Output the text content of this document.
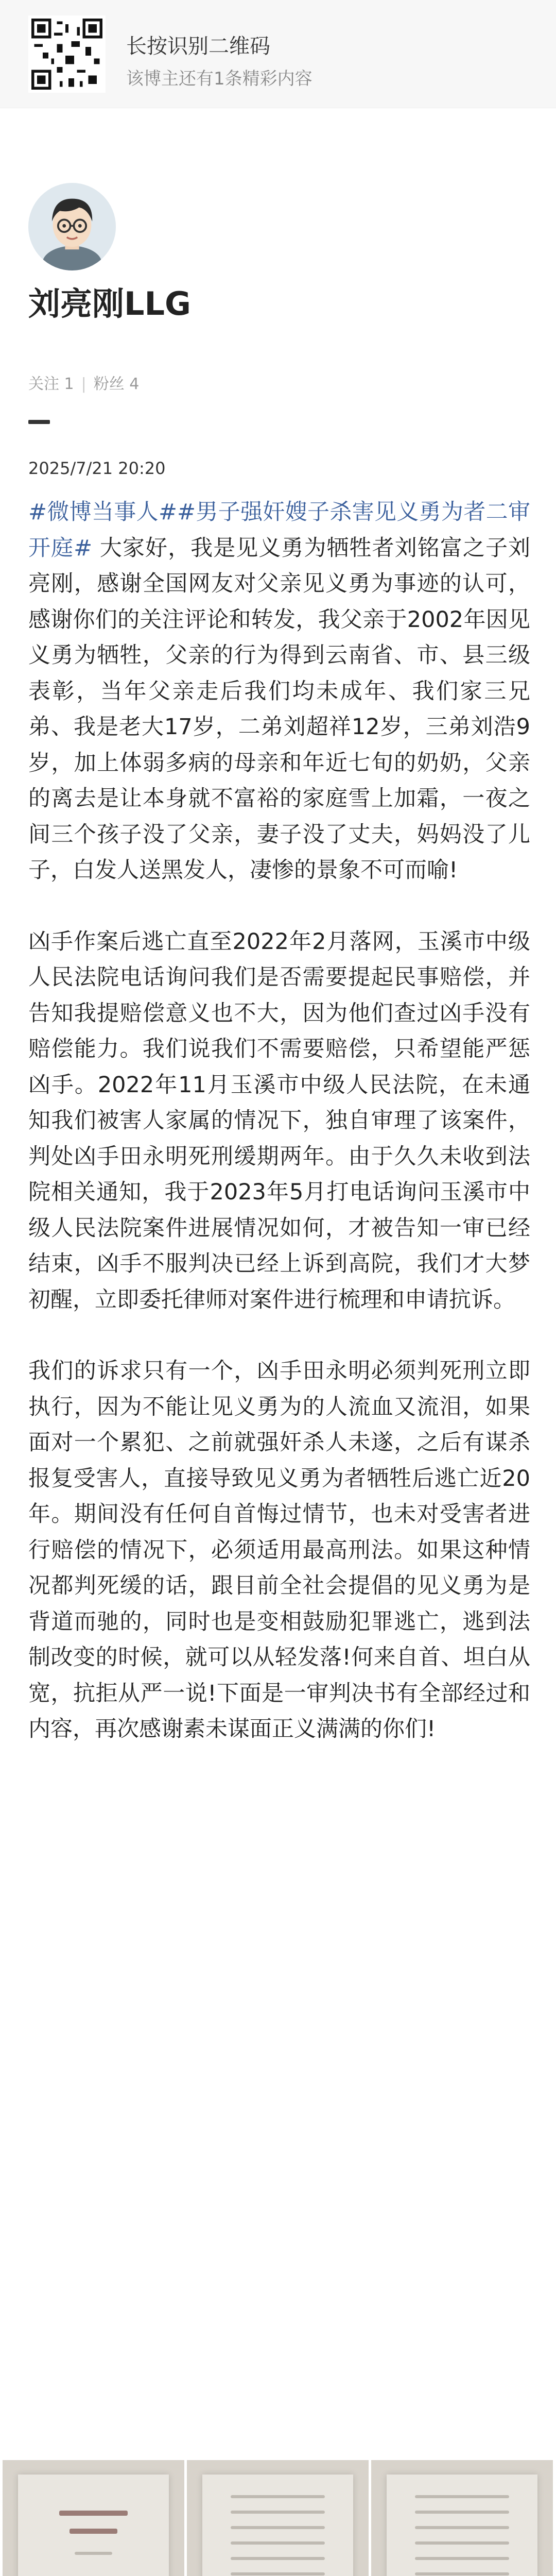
长按识别二维码
该博主还有1条精彩内容
刘亮刚LLG
关注 1 | 粉丝 4
2025/7/21 20:20

#微博当事人##男子强奸嫂子杀害见义勇为者二审开庭# 大家好，我是见义勇为牺牲者刘铭富之子刘亮刚，感谢全国网友对父亲见义勇为事迹的认可，感谢你们的关注评论和转发，我父亲于2002年因见义勇为牺牲，父亲的行为得到云南省、市、县三级表彰，当年父亲走后我们均未成年、我们家三兄弟、我是老大17岁，二弟刘超祥12岁，三弟刘浩9岁，加上体弱多病的母亲和年近七旬的奶奶，父亲的离去是让本身就不富裕的家庭雪上加霜，一夜之间三个孩子没了父亲，妻子没了丈夫，妈妈没了儿子，白发人送黑发人，凄惨的景象不可而喻!

凶手作案后逃亡直至2022年2月落网，玉溪市中级人民法院电话询问我们是否需要提起民事赔偿，并告知我提赔偿意义也不大，因为他们查过凶手没有赔偿能力。我们说我们不需要赔偿，只希望能严惩凶手。2022年11月玉溪市中级人民法院，在未通知我们被害人家属的情况下，独自审理了该案件，判处凶手田永明死刑缓期两年。由于久久未收到法院相关通知，我于2023年5月打电话询问玉溪市中级人民法院案件进展情况如何，才被告知一审已经结束，凶手不服判决已经上诉到高院，我们才大梦初醒，立即委托律师对案件进行梳理和申请抗诉。

我们的诉求只有一个，凶手田永明必须判死刑立即执行，因为不能让见义勇为的人流血又流泪，如果面对一个累犯、之前就强奸杀人未遂，之后有谋杀报复受害人，直接导致见义勇为者牺牲后逃亡近20年。期间没有任何自首悔过情节，也未对受害者进行赔偿的情况下，必须适用最高刑法。如果这种情况都判死缓的话，跟目前全社会提倡的见义勇为是背道而驰的，同时也是变相鼓励犯罪逃亡，逃到法制改变的时候，就可以从轻发落!何来自首、坦白从宽，抗拒从严一说!下面是一审判决书有全部经过和内容，再次感谢素未谋面正义满满的你们!
